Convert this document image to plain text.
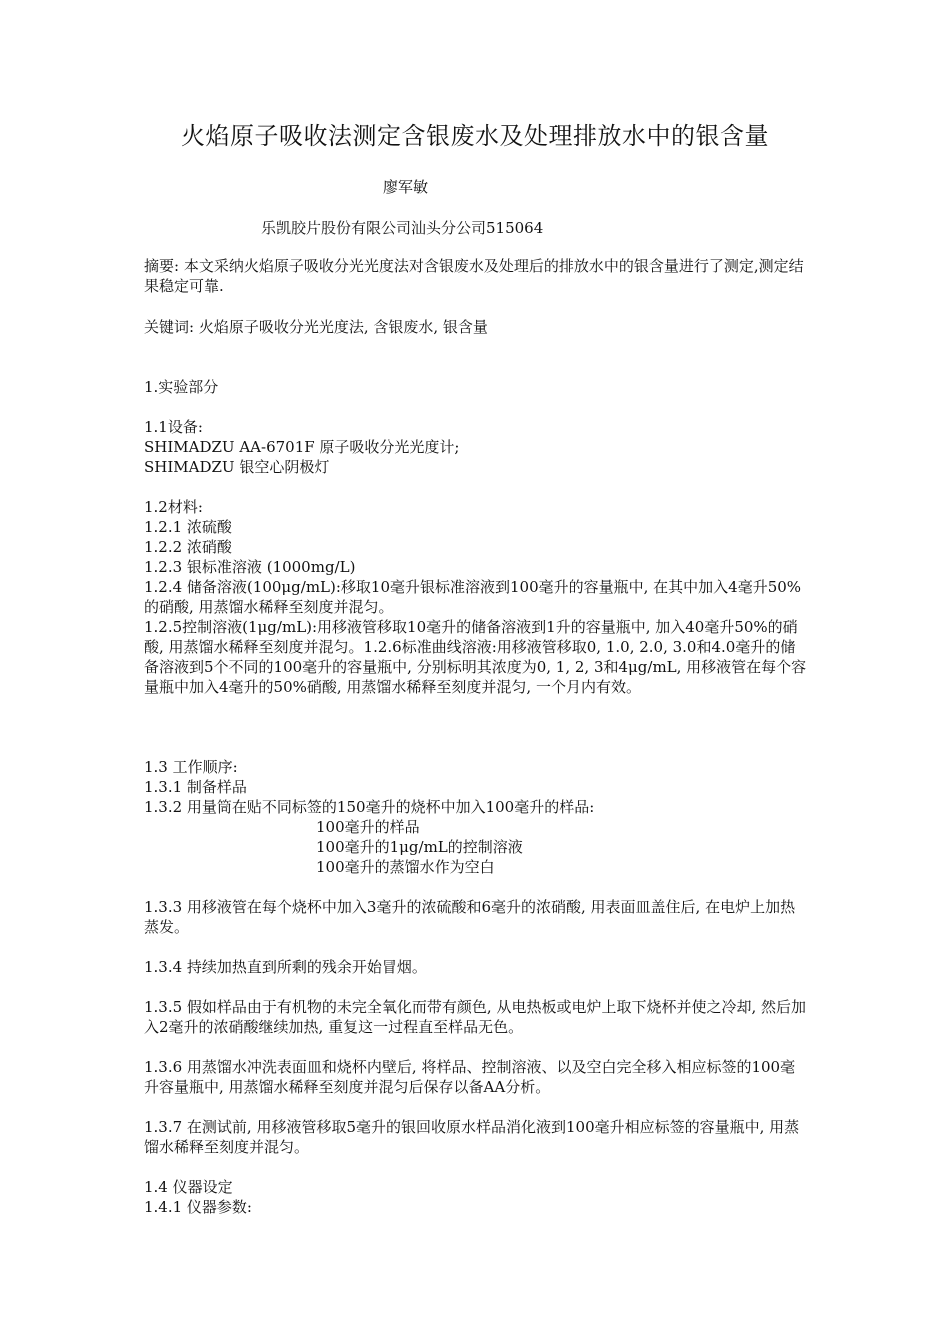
火焰原子吸收法测定含银废水及处理排放水中的银含量
廖军敏
乐凯胶片股份有限公司汕头分公司515064

摘要: 本文采纳火焰原子吸收分光光度法对含银废水及处理后的排放水中的银含量进行了测定,测定结果稳定可靠.

关键词: 火焰原子吸收分光光度法, 含银废水, 银含量

1.实验部分

1.1设备:

SHIMADZU AA-6701F 原子吸收分光光度计;

SHIMADZU 银空心阴极灯

1.2材料:

1.2.1 浓硫酸

1.2.2 浓硝酸

1.2.3 银标准溶液 (1000mg/L)

1.2.4 储备溶液(100μg/mL):移取10毫升银标准溶液到100毫升的容量瓶中, 在其中加入4毫升50%的硝酸, 用蒸馏水稀释至刻度并混匀。

1.2.5控制溶液(1μg/mL):用移液管移取10毫升的储备溶液到1升的容量瓶中, 加入40毫升50%的硝酸, 用蒸馏水稀释至刻度并混匀。1.2.6标准曲线溶液:用移液管移取0, 1.0, 2.0, 3.0和4.0毫升的储备溶液到5个不同的100毫升的容量瓶中, 分别标明其浓度为0, 1, 2, 3和4μg/mL, 用移液管在每个容量瓶中加入4毫升的50%硝酸, 用蒸馏水稀释至刻度并混匀, 一个月内有效。

1.3 工作顺序:

1.3.1 制备样品

1.3.2 用量筒在贴不同标签的150毫升的烧杯中加入100毫升的样品:

100毫升的样品

100毫升的1μg/mL的控制溶液

100毫升的蒸馏水作为空白

1.3.3 用移液管在每个烧杯中加入3毫升的浓硫酸和6毫升的浓硝酸, 用表面皿盖住后, 在电炉上加热蒸发。

1.3.4 持续加热直到所剩的残余开始冒烟。

1.3.5 假如样品由于有机物的未完全氧化而带有颜色, 从电热板或电炉上取下烧杯并使之冷却, 然后加入2毫升的浓硝酸继续加热, 重复这一过程直至样品无色。

1.3.6 用蒸馏水冲洗表面皿和烧杯内壁后, 将样品、控制溶液、以及空白完全移入相应标签的100毫升容量瓶中, 用蒸馏水稀释至刻度并混匀后保存以备AA分析。

1.3.7 在测试前, 用移液管移取5毫升的银回收原水样品消化液到100毫升相应标签的容量瓶中, 用蒸馏水稀释至刻度并混匀。

1.4 仪器设定

1.4.1 仪器参数:
